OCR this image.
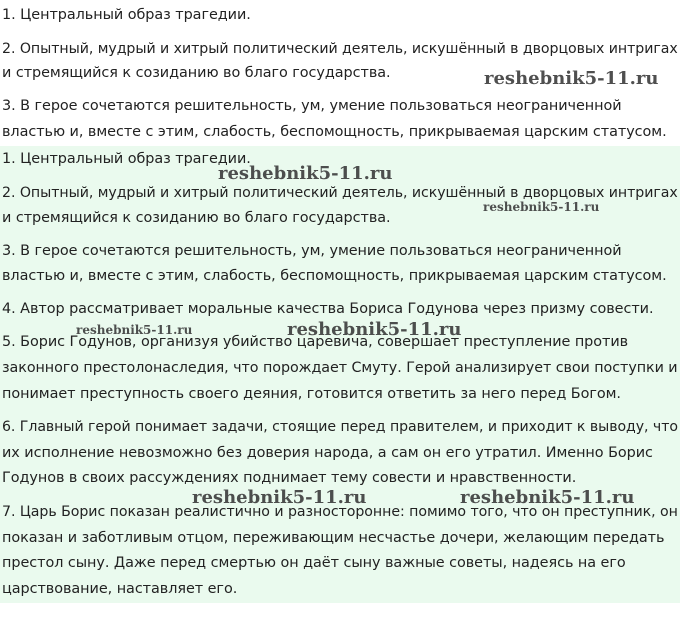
1. Центральный образ трагедии.

2. Опытный, мудрый и хитрый политический деятель, искушённый в дворцовых интригах

и стремящийся к созиданию во благо государства.

3. В герое сочетаются решительность, ум, умение пользоваться неограниченной

властью и, вместе с этим, слабость, беспомощность, прикрываемая царским статусом.

1. Центральный образ трагедии.

2. Опытный, мудрый и хитрый политический деятель, искушённый в дворцовых интригах

и стремящийся к созиданию во благо государства.

3. В герое сочетаются решительность, ум, умение пользоваться неограниченной

властью и, вместе с этим, слабость, беспомощность, прикрываемая царским статусом.

4. Автор рассматривает моральные качества Бориса Годунова через призму совести.

5. Борис Годунов, организуя убийство царевича, совершает преступление против

законного престолонаследия, что порождает Смуту. Герой анализирует свои поступки и

понимает преступность своего деяния, готовится ответить за него перед Богом.

6. Главный герой понимает задачи, стоящие перед правителем, и приходит к выводу, что

их исполнение невозможно без доверия народа, а сам он его утратил. Именно Борис

Годунов в своих рассуждениях поднимает тему совести и нравственности.

7. Царь Борис показан реалистично и разносторонне: помимо того, что он преступник, он

показан и заботливым отцом, переживающим несчастье дочери, желающим передать

престол сыну. Даже перед смертью он даёт сыну важные советы, надеясь на его

царствование, наставляет его.

reshebnik5-11.ru
reshebnik5-11.ru
reshebnik5-11.ru
reshebnik5-11.ru	reshebnik5-11.ru
reshebnik5-11.ru	reshebnik5-11.ru
